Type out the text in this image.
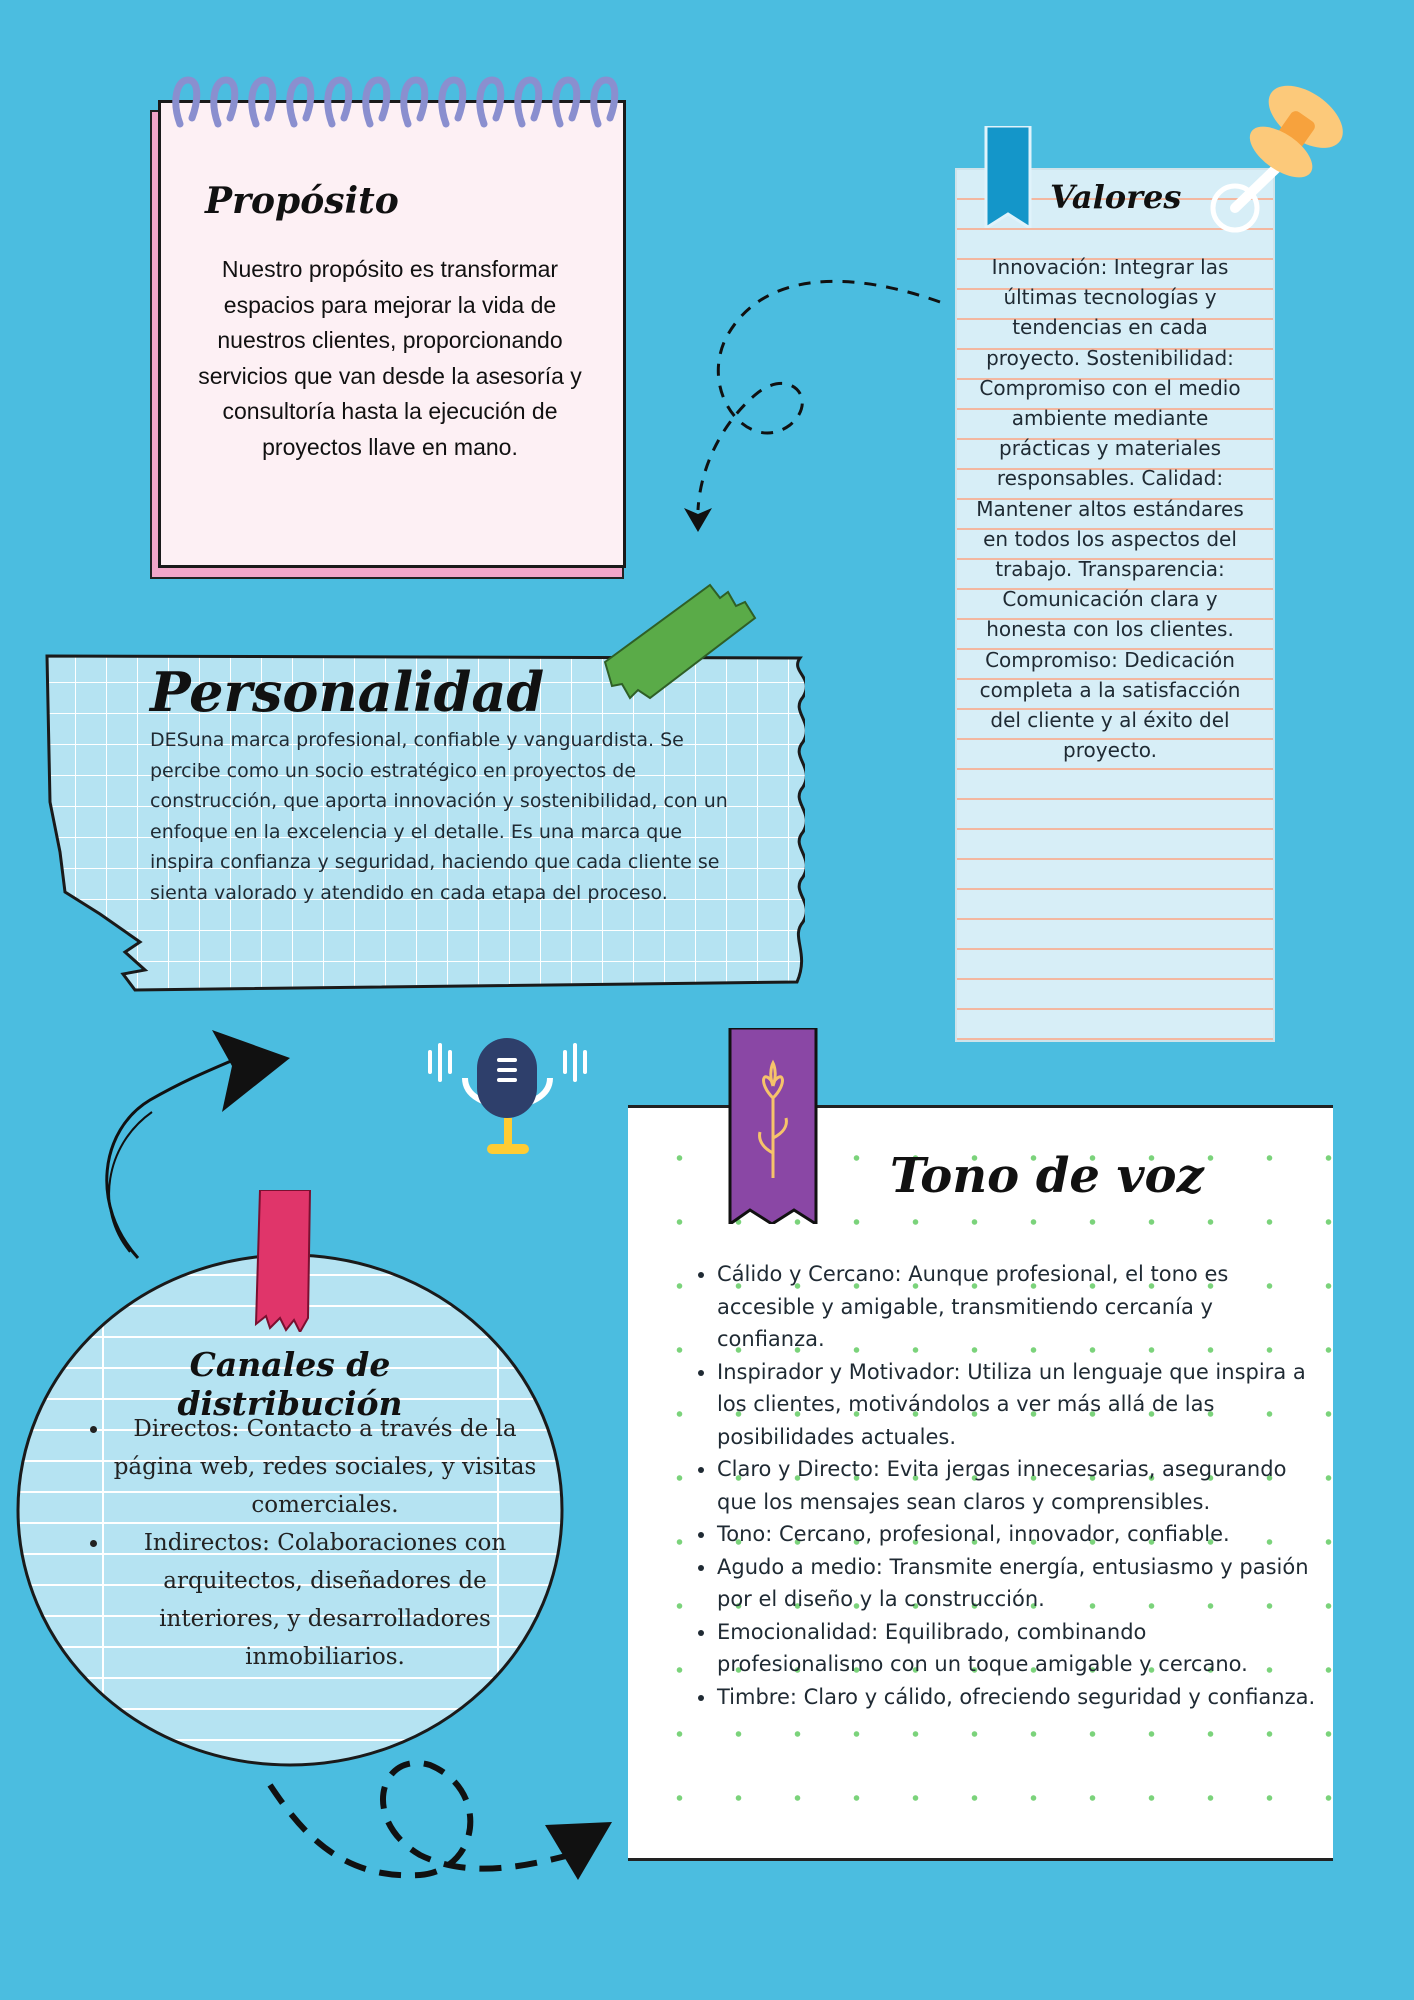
Propósito
Nuestro propósito es transformar espacios para mejorar la vida de nuestros clientes, proporcionando servicios que van desde la asesoría y consultoría hasta la ejecución de proyectos llave en mano.
Valores
Innovación: Integrar las últimas tecnologías y tendencias en cada proyecto. Sostenibilidad: Compromiso con el medio ambiente mediante prácticas y materiales responsables. Calidad: Mantener altos estándares en todos los aspectos del trabajo. Transparencia: Comunicación clara y honesta con los clientes. Compromiso: Dedicación completa a la satisfacción del cliente y al éxito del proyecto.
Personalidad
DESuna marca profesional, confiable y vanguardista. Se percibe como un socio estratégico en proyectos de construcción, que aporta innovación y sostenibilidad, con un enfoque en la excelencia y el detalle. Es una marca que inspira confianza y seguridad, haciendo que cada cliente se sienta valorado y atendido en cada etapa del proceso.
Tono de voz
• Cálido y Cercano: Aunque profesional, el tono es accesible y amigable, transmitiendo cercanía y confianza.
• Inspirador y Motivador: Utiliza un lenguaje que inspira a los clientes, motivándolos a ver más allá de las posibilidades actuales.
• Claro y Directo: Evita jergas innecesarias, asegurando que los mensajes sean claros y comprensibles.
• Tono: Cercano, profesional, innovador, confiable.
• Agudo a medio: Transmite energía, entusiasmo y pasión por el diseño y la construcción.
• Emocionalidad: Equilibrado, combinando profesionalismo con un toque amigable y cercano.
• Timbre: Claro y cálido, ofreciendo seguridad y confianza.
Canales de distribución
• Directos: Contacto a través de la página web, redes sociales, y visitas comerciales.
• Indirectos: Colaboraciones con arquitectos, diseñadores de interiores, y desarrolladores inmobiliarios.
